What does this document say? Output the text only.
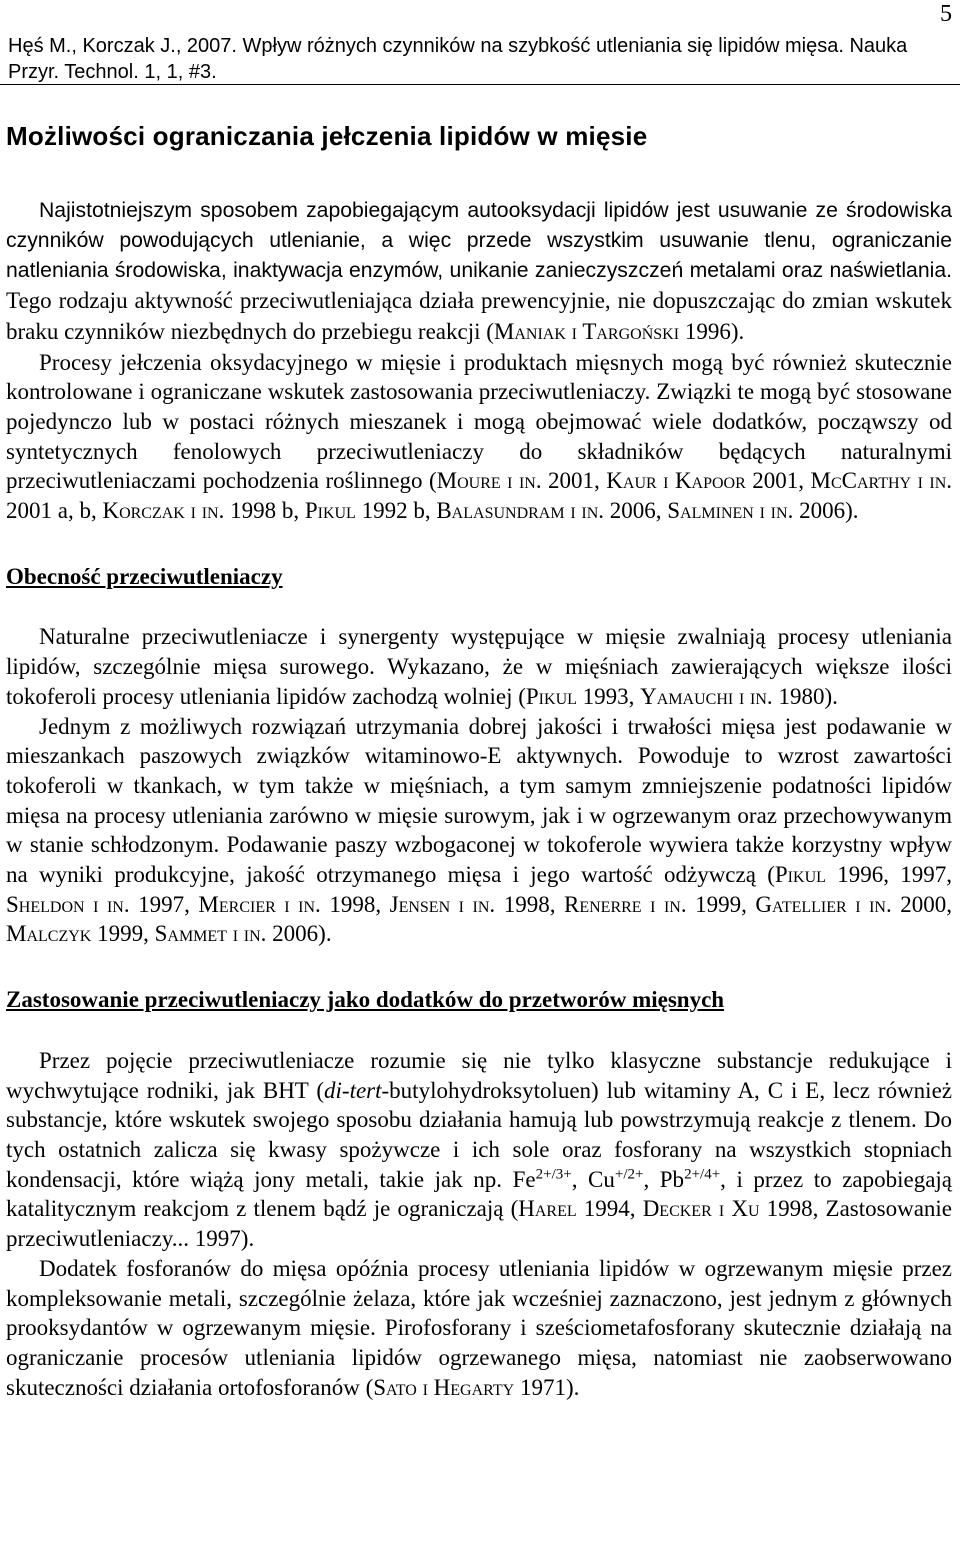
5
Hęś M., Korczak J., 2007. Wpływ różnych czynników na szybkość utleniania się lipidów mięsa. Nauka Przyr. Technol. 1, 1, #3.
Możliwości ograniczania jełczenia lipidów w mięsie

Najistotniejszym sposobem zapobiegającym autooksydacji lipidów jest usuwanie ze środowiska czynników powodujących utlenianie, a więc przede wszystkim usuwanie tlenu, ograniczanie natleniania środowiska, inaktywacja enzymów, unikanie zanieczyszczeń metalami oraz naświetlania. Tego rodzaju aktywność przeciwutleniająca działa prewencyjnie, nie dopuszczając do zmian wskutek braku czynników niezbędnych do przebiegu reakcji (Maniak i Targoński 1996).

Procesy jełczenia oksydacyjnego w mięsie i produktach mięsnych mogą być również skutecznie kontrolowane i ograniczane wskutek zastosowania przeciwutleniaczy. Związki te mogą być stosowane pojedynczo lub w postaci różnych mieszanek i mogą obejmować wiele dodatków, począwszy od syntetycznych fenolowych przeciwutleniaczy do składników będących naturalnymi przeciwutleniaczami pochodzenia roślinnego (Moure i in. 2001, Kaur i Kapoor 2001, McCarthy i in. 2001 a, b, Korczak i in. 1998 b, Pikul 1992 b, Balasundram i in. 2006, Salminen i in. 2006).

Obecność przeciwutleniaczy

Naturalne przeciwutleniacze i synergenty występujące w mięsie zwalniają procesy utleniania lipidów, szczególnie mięsa surowego. Wykazano, że w mięśniach zawierających większe ilości tokoferoli procesy utleniania lipidów zachodzą wolniej (Pikul 1993, Yamauchi i in. 1980).

Jednym z możliwych rozwiązań utrzymania dobrej jakości i trwałości mięsa jest podawanie w mieszankach paszowych związków witaminowo-E aktywnych. Powoduje to wzrost zawartości tokoferoli w tkankach, w tym także w mięśniach, a tym samym zmniejszenie podatności lipidów mięsa na procesy utleniania zarówno w mięsie surowym, jak i w ogrzewanym oraz przechowywanym w stanie schłodzonym. Podawanie paszy wzbogaconej w tokoferole wywiera także korzystny wpływ na wyniki produkcyjne, jakość otrzymanego mięsa i jego wartość odżywczą (Pikul 1996, 1997, Sheldon i in. 1997, Mercier i in. 1998, Jensen i in. 1998, Renerre i in. 1999, Gatellier i in. 2000, Malczyk 1999, Sammet i in. 2006).

Zastosowanie przeciwutleniaczy jako dodatków do przetworów mięsnych

Przez pojęcie przeciwutleniacze rozumie się nie tylko klasyczne substancje redukujące i wychwytujące rodniki, jak BHT (di-tert-butylohydroksytoluen) lub witaminy A, C i E, lecz również substancje, które wskutek swojego sposobu działania hamują lub powstrzymują reakcje z tlenem. Do tych ostatnich zalicza się kwasy spożywcze i ich sole oraz fosforany na wszystkich stopniach kondensacji, które wiążą jony metali, takie jak np. $Fe^{2+/3+}$, $Cu^{+/2+}$, $Pb^{2+/4+}$, i przez to zapobiegają katalitycznym reakcjom z tlenem bądź je ograniczają (Harel 1994, Decker i Xu 1998, Zastosowanie przeciwutleniaczy... 1997).

Dodatek fosforanów do mięsa opóźnia procesy utleniania lipidów w ogrzewanym mięsie przez kompleksowanie metali, szczególnie żelaza, które jak wcześniej zaznaczono, jest jednym z głównych prooksydantów w ogrzewanym mięsie. Pirofosforany i sześciometafosforany skutecznie działają na ograniczanie procesów utleniania lipidów ogrzewanego mięsa, natomiast nie zaobserwowano skuteczności działania ortofosforanów (Sato i Hegarty 1971).
